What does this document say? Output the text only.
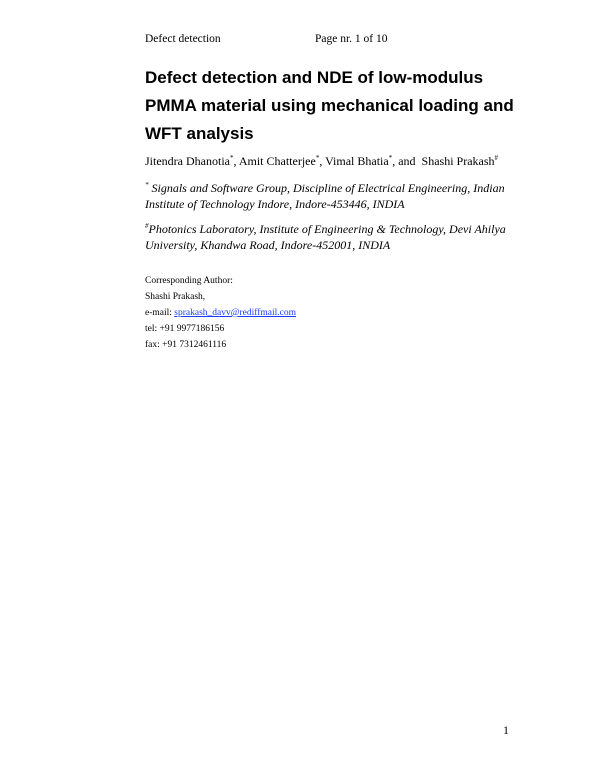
Defect detection	Page nr. 1 of 10
Defect detection and NDE of low-modulus
PMMA material using mechanical loading and
WFT analysis
Jitendra Dhanotia*, Amit Chatterjee*, Vimal Bhatia*, and  Shashi Prakash#
* Signals and Software Group, Discipline of Electrical Engineering, Indian
Institute of Technology Indore, Indore-453446, INDIA
#Photonics Laboratory, Institute of Engineering & Technology, Devi Ahilya
University, Khandwa Road, Indore-452001, INDIA
Corresponding Author:
Shashi Prakash,
e-mail: sprakash_davv@rediffmail.com
tel: +91 9977186156
fax: +91 7312461116
1
